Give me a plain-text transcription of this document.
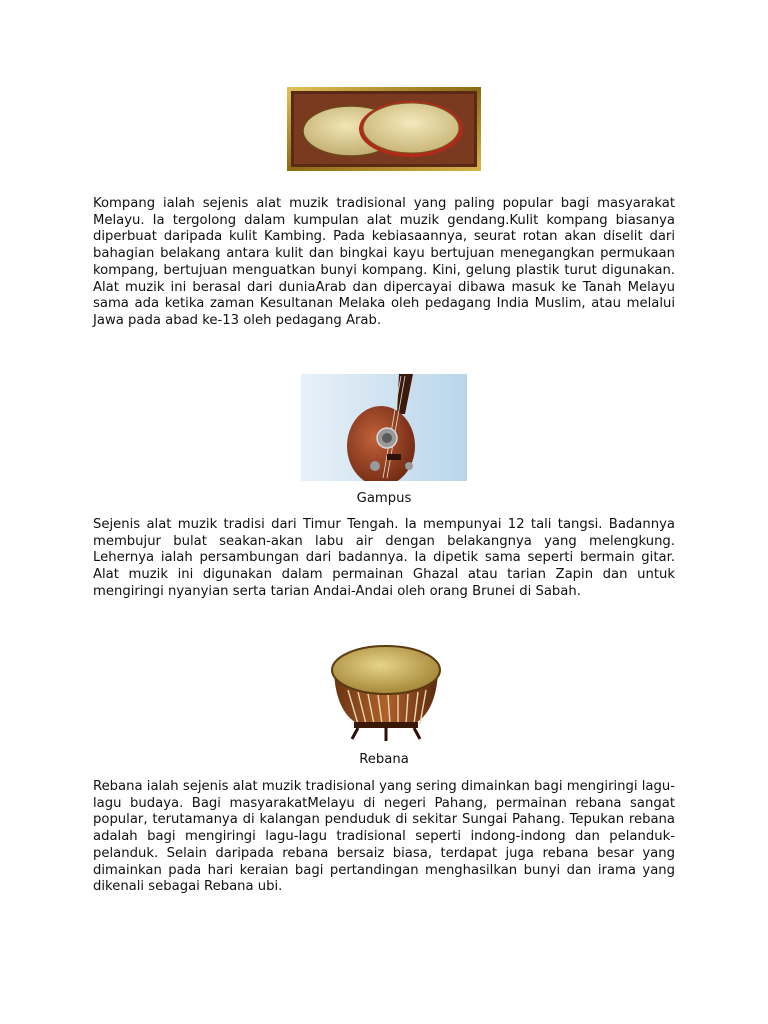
Kompang ialah sejenis alat muzik tradisional yang paling popular bagi masyarakat Melayu. Ia tergolong dalam kumpulan alat muzik gendang.Kulit kompang biasanya diperbuat daripada kulit Kambing. Pada kebiasaannya, seurat rotan akan diselit dari bahagian belakang antara kulit dan bingkai kayu bertujuan menegangkan permukaan kompang, bertujuan menguatkan bunyi kompang. Kini, gelung plastik turut digunakan. Alat muzik ini berasal dari duniaArab dan dipercayai dibawa masuk ke Tanah Melayu sama ada ketika zaman Kesultanan Melaka oleh pedagang India Muslim, atau melalui Jawa pada abad ke-13 oleh pedagang Arab.

Gampus

Sejenis alat muzik tradisi dari Timur Tengah. Ia mempunyai 12 tali tangsi. Badannya membujur bulat seakan-akan labu air dengan belakangnya yang melengkung. Lehernya ialah persambungan dari badannya. Ia dipetik sama seperti bermain gitar. Alat muzik ini digunakan dalam permainan Ghazal atau tarian Zapin dan untuk mengiringi nyanyian serta tarian Andai-Andai oleh orang Brunei di Sabah.

Rebana

Rebana ialah sejenis alat muzik tradisional yang sering dimainkan bagi mengiringi lagu-lagu budaya. Bagi masyarakatMelayu di negeri Pahang, permainan rebana sangat popular, terutamanya di kalangan penduduk di sekitar Sungai Pahang. Tepukan rebana adalah bagi mengiringi lagu-lagu tradisional seperti indong-indong dan pelanduk-pelanduk. Selain daripada rebana bersaiz biasa, terdapat juga rebana besar yang dimainkan pada hari keraian bagi pertandingan menghasilkan bunyi dan irama yang dikenali sebagai Rebana ubi.
